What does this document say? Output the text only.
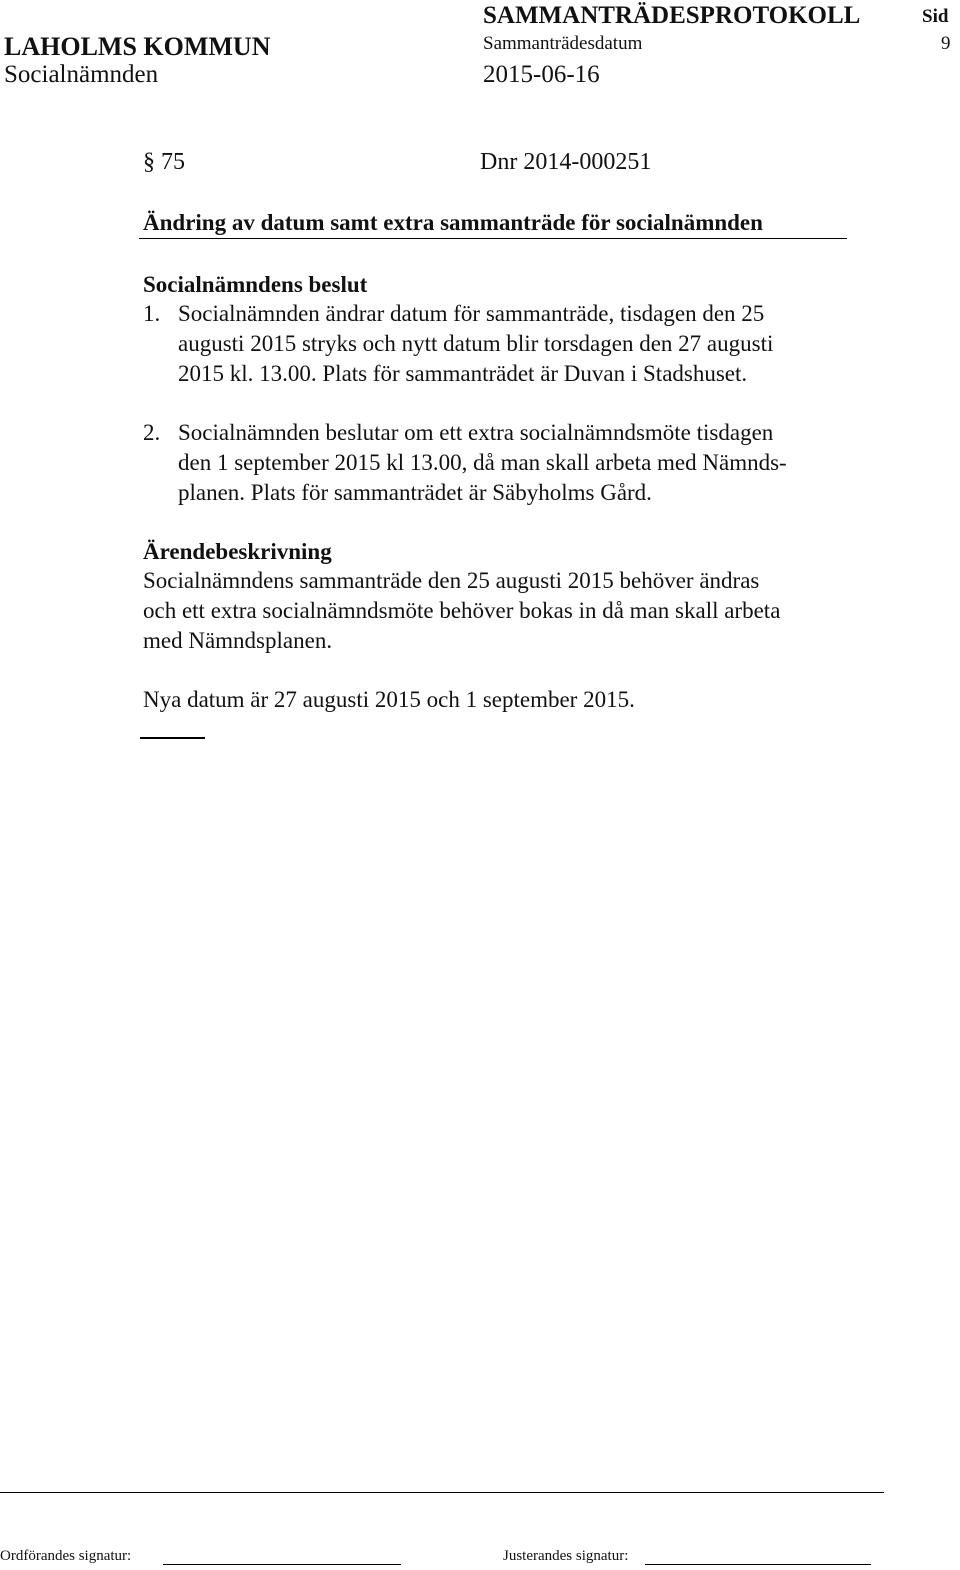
SAMMANTRÄDESPROTOKOLL	Sid
LAHOLMS KOMMUN	Sammanträdesdatum	9
Socialnämnden	2015-06-16
§ 75	Dnr 2014-000251
Ändring av datum samt extra sammanträde för socialnämnden
Socialnämndens beslut
1. Socialnämnden ändrar datum för sammanträde, tisdagen den 25
augusti 2015 stryks och nytt datum blir torsdagen den 27 augusti
2015 kl. 13.00. Plats för sammanträdet är Duvan i Stadshuset.
2. Socialnämnden beslutar om ett extra socialnämndsmöte tisdagen
den 1 september 2015 kl 13.00, då man skall arbeta med Nämnds-
planen. Plats för sammanträdet är Säbyholms Gård.
Ärendebeskrivning
Socialnämndens sammanträde den 25 augusti 2015 behöver ändras
och ett extra socialnämndsmöte behöver bokas in då man skall arbeta
med Nämndsplanen.
Nya datum är 27 augusti 2015 och 1 september 2015.
Ordförandes signatur:	Justerandes signatur:
